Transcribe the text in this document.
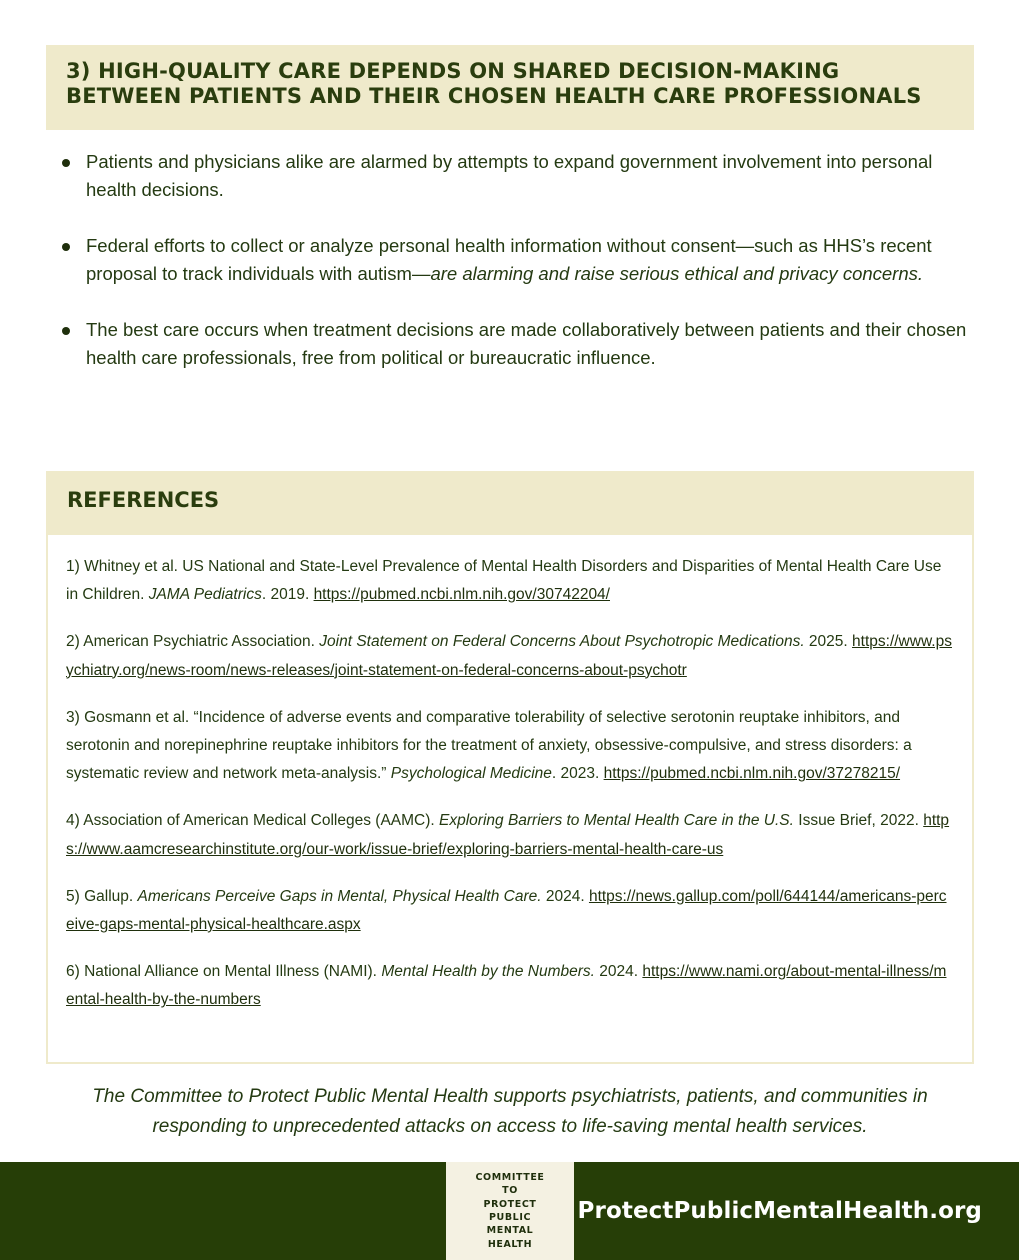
3) HIGH-QUALITY CARE DEPENDS ON SHARED DECISION-MAKING BETWEEN PATIENTS AND THEIR CHOSEN HEALTH CARE PROFESSIONALS
Patients and physicians alike are alarmed by attempts to expand government involvement into personal health decisions.
Federal efforts to collect or analyze personal health information without consent—such as HHS’s recent proposal to track individuals with autism—are alarming and raise serious ethical and privacy concerns.
The best care occurs when treatment decisions are made collaboratively between patients and their chosen health care professionals, free from political or bureaucratic influence.
REFERENCES
1) Whitney et al. US National and State-Level Prevalence of Mental Health Disorders and Disparities of Mental Health Care Use in Children. JAMA Pediatrics. 2019. https://pubmed.ncbi.nlm.nih.gov/30742204/
2) American Psychiatric Association. Joint Statement on Federal Concerns About Psychotropic Medications. 2025. https://www.psychiatry.org/news-room/news-releases/joint-statement-on-federal-concerns-about-psychotr
3) Gosmann et al. “Incidence of adverse events and comparative tolerability of selective serotonin reuptake inhibitors, and serotonin and norepinephrine reuptake inhibitors for the treatment of anxiety, obsessive-compulsive, and stress disorders: a systematic review and network meta-analysis.” Psychological Medicine. 2023. https://pubmed.ncbi.nlm.nih.gov/37278215/
4) Association of American Medical Colleges (AAMC). Exploring Barriers to Mental Health Care in the U.S. Issue Brief, 2022. https://www.aamcresearchinstitute.org/our-work/issue-brief/exploring-barriers-mental-health-care-us
5) Gallup. Americans Perceive Gaps in Mental, Physical Health Care. 2024. https://news.gallup.com/poll/644144/americans-perceive-gaps-mental-physical-healthcare.aspx
6) National Alliance on Mental Illness (NAMI). Mental Health by the Numbers. 2024. https://www.nami.org/about-mental-illness/mental-health-by-the-numbers
The Committee to Protect Public Mental Health supports psychiatrists, patients, and communities in responding to unprecedented attacks on access to life-saving mental health services.
COMMITTEE
TO
PROTECT
PUBLIC
MENTAL
HEALTH
ProtectPublicMentalHealth.org
